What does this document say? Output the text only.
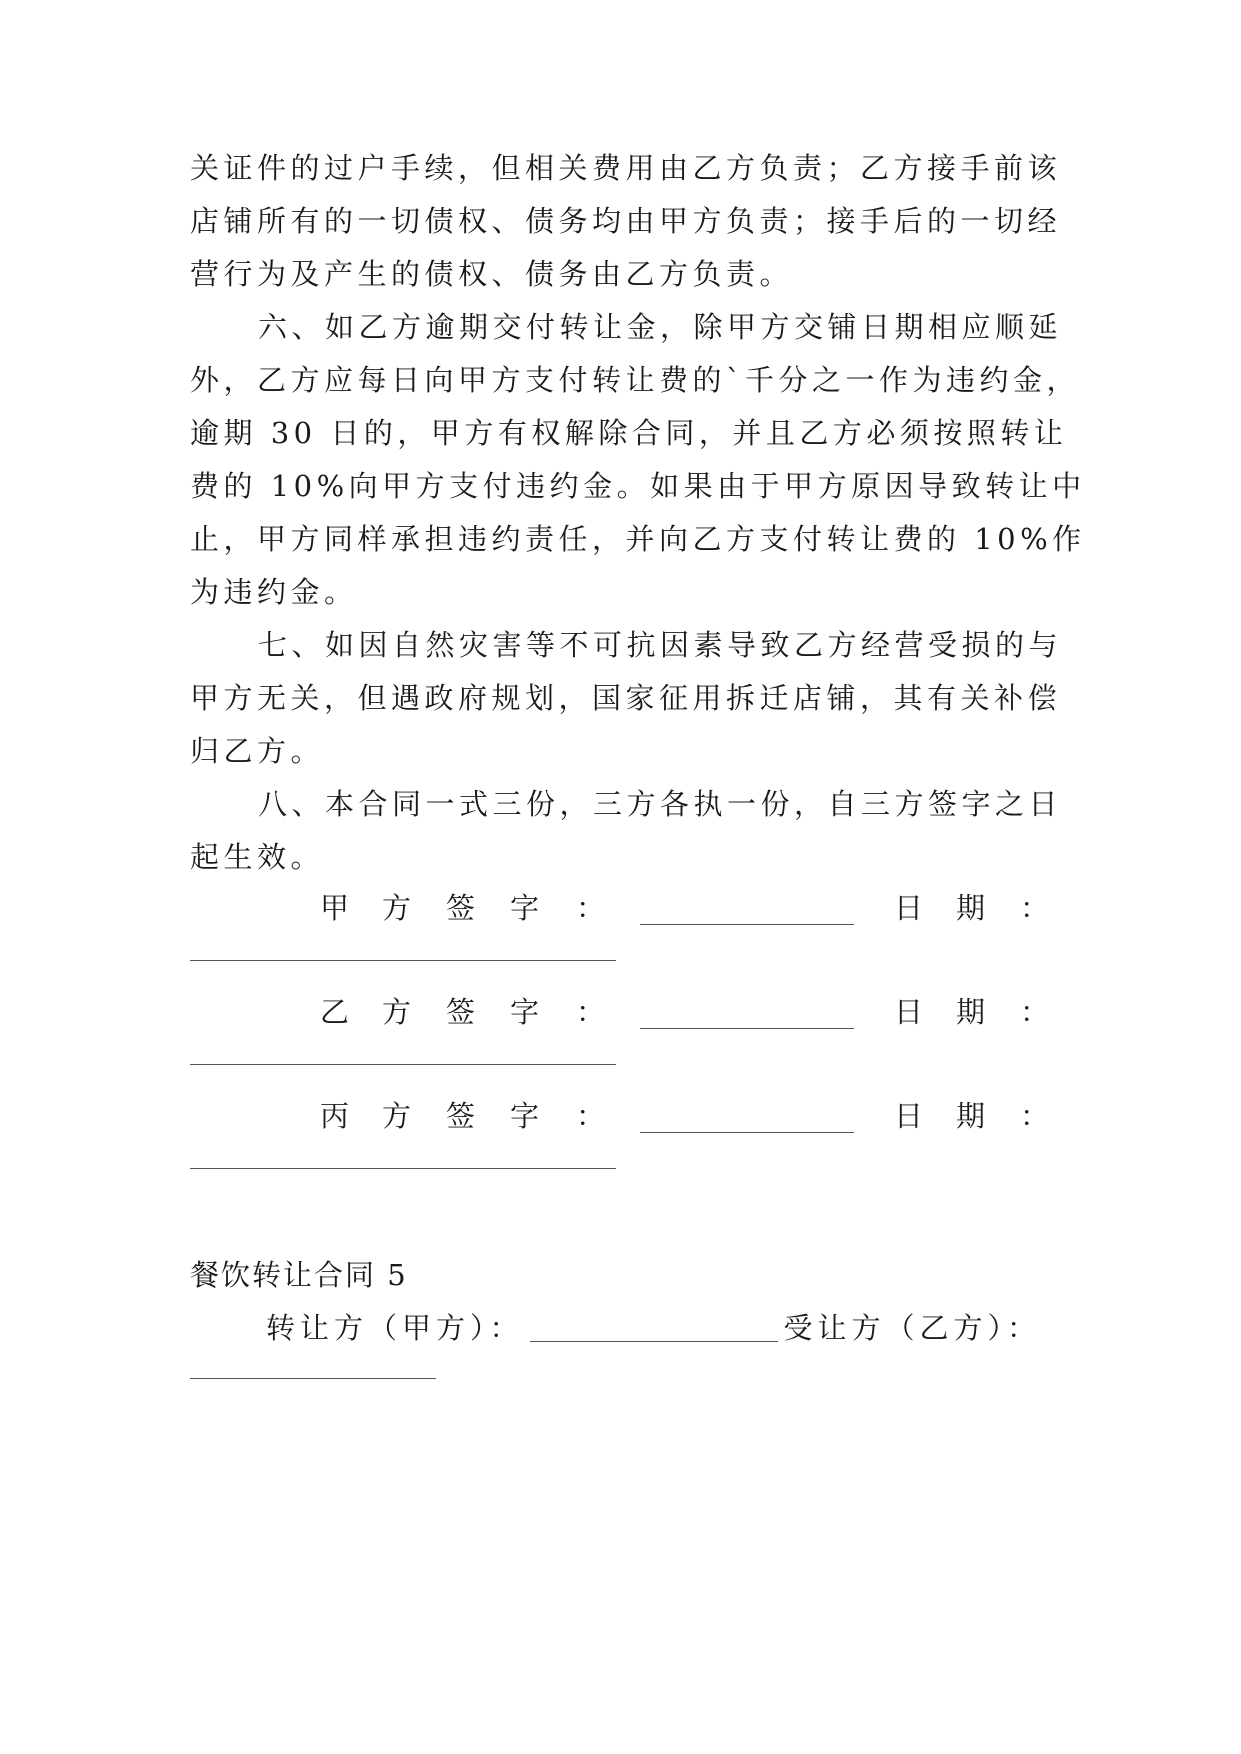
关证件的过户手续，但相关费用由乙方负责；乙方接手前该
店铺所有的一切债权、债务均由甲方负责；接手后的一切经
营行为及产生的债权、债务由乙方负责。
六、如乙方逾期交付转让金，除甲方交铺日期相应顺延
外，乙方应每日向甲方支付转让费的`千分之一作为违约金，
逾期 30 日的，甲方有权解除合同，并且乙方必须按照转让
费的 10%向甲方支付违约金。如果由于甲方原因导致转让中
止，甲方同样承担违约责任，并向乙方支付转让费的 10%作
为违约金。
七、如因自然灾害等不可抗因素导致乙方经营受损的与
甲方无关，但遇政府规划，国家征用拆迁店铺，其有关补偿
归乙方。
八、本合同一式三份，三方各执一份，自三方签字之日
起生效。
甲 方 签 字 ：	日 期 ：
乙 方 签 字 ：	日 期 ：
丙 方 签 字 ：	日 期 ：
餐饮转让合同 5
转让方（甲方）：	受让方（乙方）：
